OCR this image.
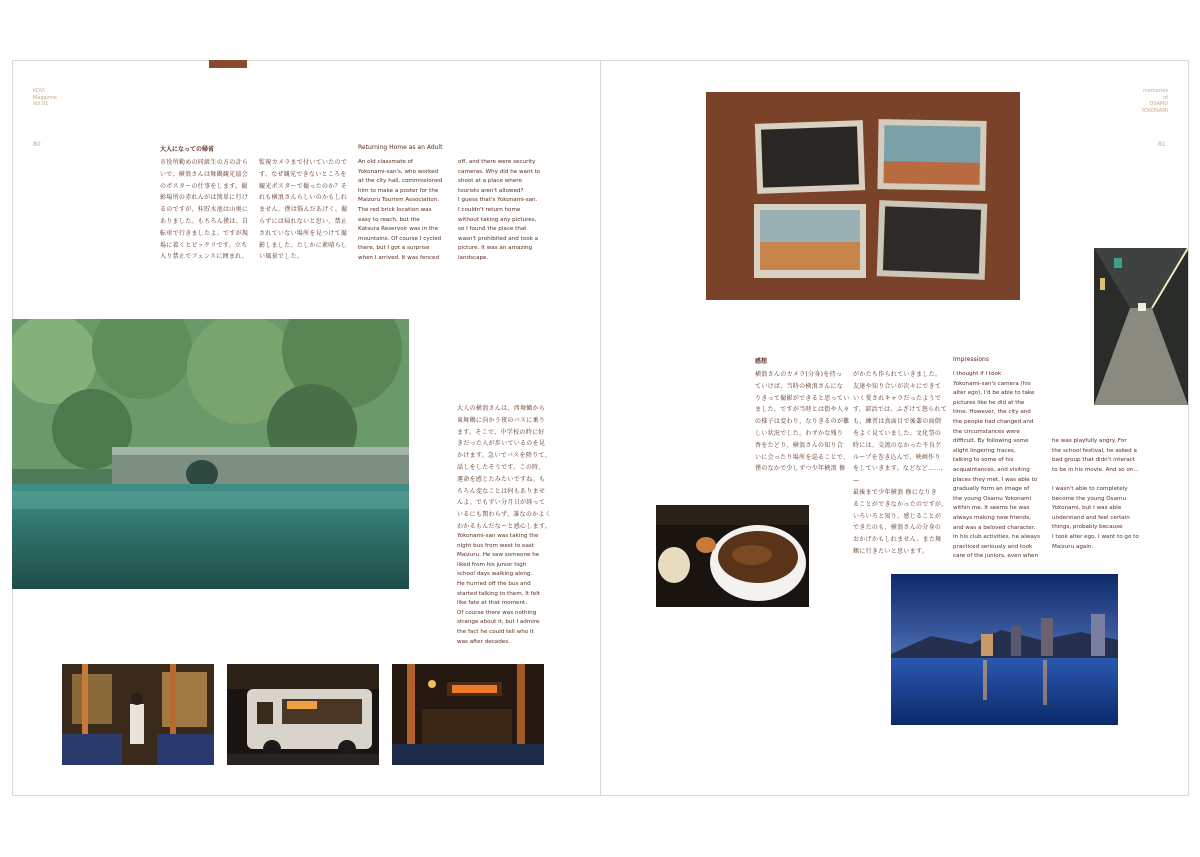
KOVI
Magazine
Vol.01
80
大人になっての帰省
市役所勤めの同級生の方の計ら
いで、横浪さんは舞鶴観光協会
のポスターの仕事をします。撮
影場所の赤れんがは簡単に行け
るのですが、桂貯水池は山奥に
ありました。もちろん僕は、自
転車で行きましたよ。ですが現
場に着くとビックリです。立ち
入り禁止でフェンスに囲まれ、
監視カメラまで付いていたので
す。なぜ観光できないところを
観光ポスターで撮ったのか？そ
れも横浪さんらしいのかもしれ
ません。僕は悩んだあげく、撮
らずには帰れないと思い、禁止
されていない場所を見つけて撮
影しました。たしかに素晴らし
い風景でした。
Returning Home as an Adult
An old classmate of
Yokonami-san's, who worked
at the city hall, commissioned
him to make a poster for the
Maizuru Tourism Association.
The red brick location was
easy to reach, but the
Katsura Reservoir was in the
mountains. Of course I cycled
there, but I got a surprise
when I arrived. It was fenced
off, and there were security
cameras. Why did he want to
shoot at a place where
tourists aren't allowed?
I guess that's Yokonami-san.
I couldn't return home
without taking any pictures,
so I found the place that
wasn't prohibited and took a
picture. It was an amazing
landscape.
大人の横浪さんは、西舞鶴から
東舞鶴に向かう夜のバスに乗り
ます。そこで、中学校の時に好
きだった人が歩いているのを見
かけます。急いでバスを降りて、
話しをしたそうです。この時、
運命を感じたみたいですね。も
ちろん変なことは何もありませ
んよ。でもずい分月日が経って
いるにも関わらず、誰なのかよく
わかるもんだなーと感心します。
Yokonami-san was taking the
night bus from west to east
Maizuru. He saw someone he
liked from his junior high
school days walking along.
He hurried off the bus and
started talking to them. It felt
like fate at that moment.
Of course there was nothing
strange about it, but I admire
the fact he could tell who it
was after decades.
memories of
OSAMU
YOKONAMI
81
感想
横浪さんのカメラ(分身)を持っ
ていけば、当時の横浪さんにな
りきって撮影ができると思ってい
ました。ですが当時とは街や人々
の様子は変わり、なりきるのが難
しい状況でした。わずかな残り
香をたどり、横浪さんの知り合
いに会ったり場所を巡ることで、
僕のなかで少しずつ少年横浪 修
がかたち作られていきました。
友達や知り合いが次々にできて
いく愛されキャラだったようで
す。部活では、ふざけて怒られて
も、練習は真面目で後輩の面倒
をよく見ていました。文化祭の
時には、交流のなかった不良グ
ループを巻き込んで、映画作り
をしていきます。などなど……。
—
最後まで少年横浪 修になりき
ることができなかったのですが、
いろいろと知り、感じることが
できたのも、横浪さんの分身の
おかげかもしれません。また舞
鶴に行きたいと思います。
Impressions
I thought if I took
Yokonami-san's camera (his
alter ego), I'd be able to take
pictures like he did at the
time. However, the city and
the people had changed and
the circumstances were
difficult. By following some
slight lingering traces,
talking to some of his
acquaintances, and visiting
places they met, I was able to
gradually form an image of
the young Osamu Yokonami
within me. It seems he was
always making new friends,
and was a beloved character.
In his club activities, he always
practiced seriously and took
care of the juniors, even when
he was playfully angry. For
the school festival, he asked a
bad group that didn't interact
to be in his movie. And so on...

I wasn't able to completely
become the young Osamu
Yokonami, but I was able
understand and feel certain
things, probably because
I took alter ego. I want to go to
Maizuru again.
